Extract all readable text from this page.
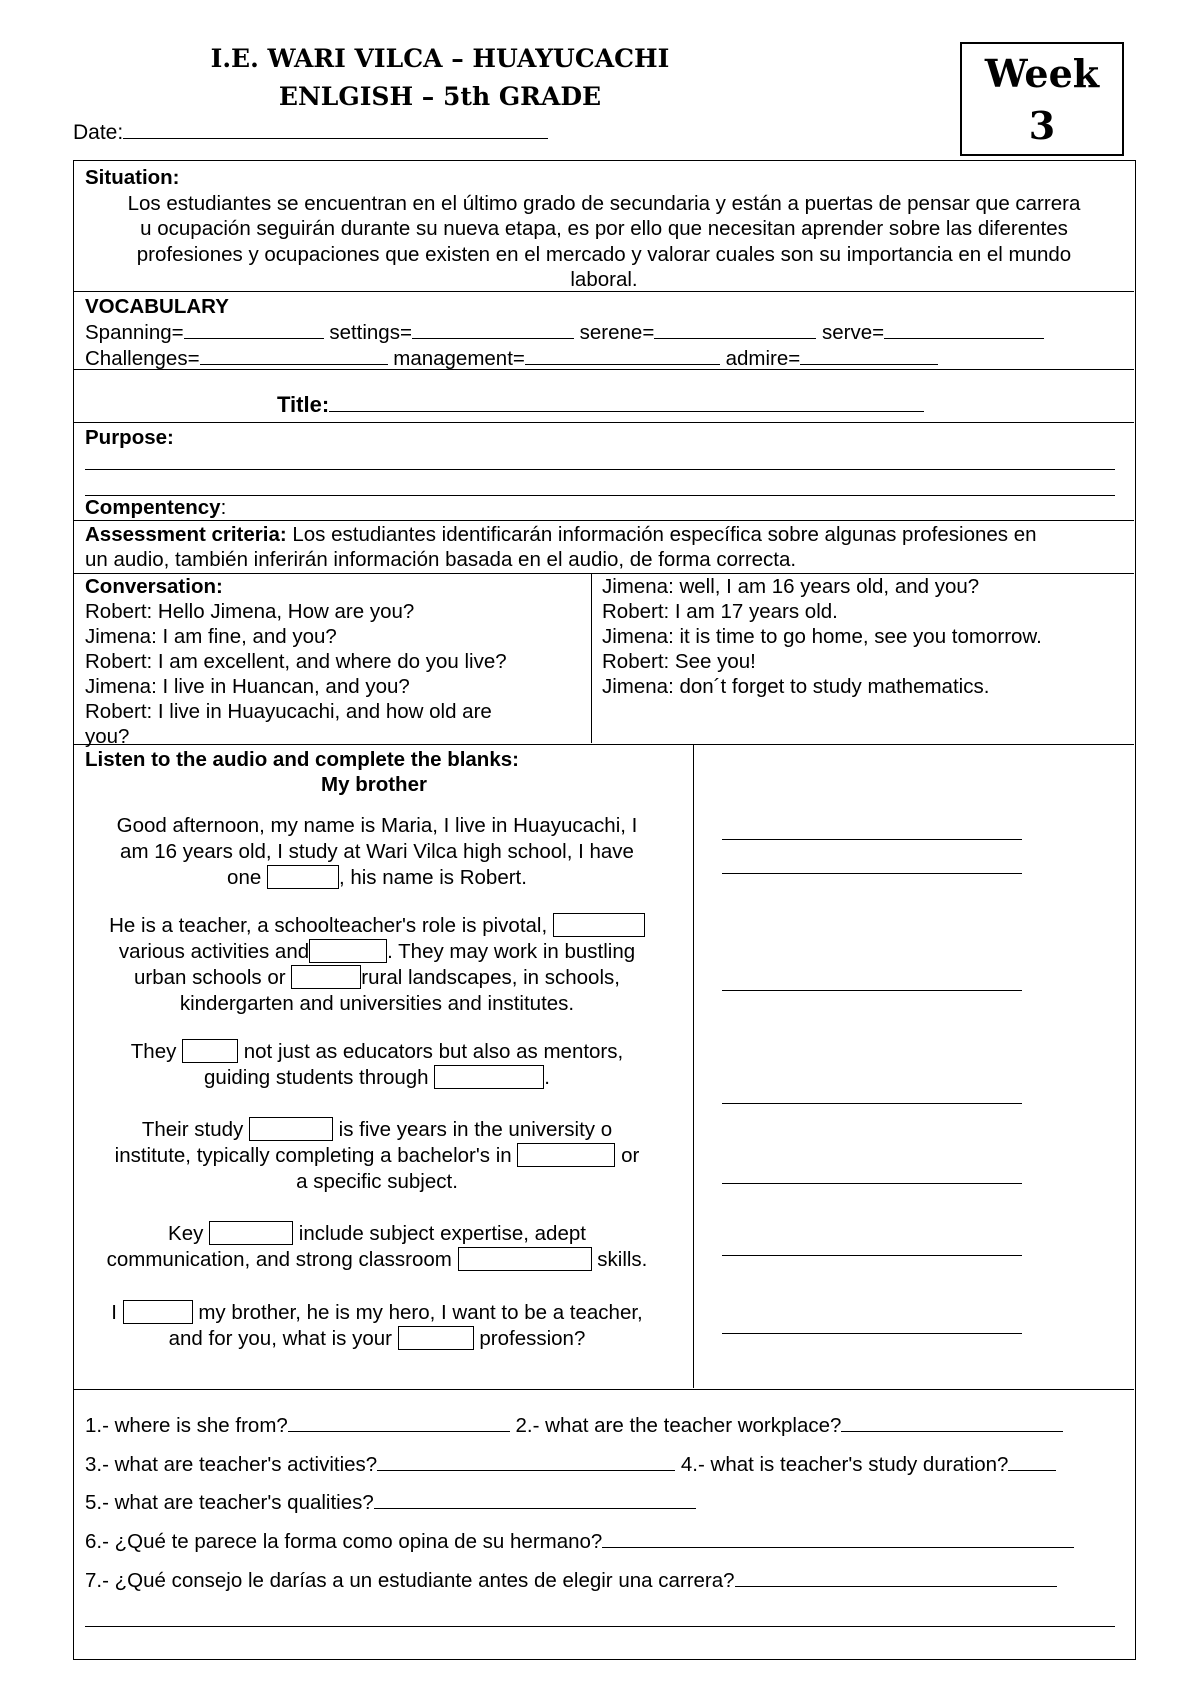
I.E. WARI VILCA – HUAYUCACHI
ENLGISH – 5th GRADE
Week
3
Date:
Situation:
Los estudiantes se encuentran en el último grado de secundaria y están a puertas de pensar que carrera
u ocupación seguirán durante su nueva etapa, es por ello que necesitan aprender sobre las diferentes
profesiones y ocupaciones que existen en el mercado y valorar cuales son su importancia en el mundo
laboral.
VOCABULARY
Spanning=	settings=	serene=	serve=
Challenges=	management=	admire=
Title:
Purpose:
Compentency:
Assessment criteria: Los estudiantes identificarán información específica sobre algunas profesiones en
un audio, también inferirán información basada en el audio, de forma correcta.
Conversation:
Robert: Hello Jimena, How are you?
Jimena: I am fine, and you?
Robert: I am excellent, and where do you live?
Jimena: I live in Huancan, and you?
Robert: I live in Huayucachi, and how old are
you?
Jimena: well, I am 16 years old, and you?
Robert: I am 17 years old.
Jimena: it is time to go home, see you tomorrow.
Robert: See you!
Jimena: don´t forget to study mathematics.
Listen to the audio and complete the blanks:
My brother
Good afternoon, my name is Maria, I live in Huayucachi, I
am 16 years old, I study at Wari Vilca high school, I have
one	, his name is Robert.
He is a teacher, a schoolteacher's role is pivotal,
various activities and	. They may work in bustling
urban schools or	rural landscapes, in schools,
kindergarten and universities and institutes.
They	not just as educators but also as mentors,
guiding students through	.
Their study	is five years in the university o
institute, typically completing a bachelor's in	or
a specific subject.
Key	include subject expertise, adept
communication, and strong classroom	skills.
I	my brother, he is my hero, I want to be a teacher,
and for you, what is your	profession?
1.- where is she from?	2.- what are the teacher workplace?
3.- what are teacher's activities?	4.- what is teacher's study duration?
5.- what are teacher's qualities?
6.- ¿Qué te parece la forma como opina de su hermano?
7.- ¿Qué consejo le darías a un estudiante antes de elegir una carrera?
